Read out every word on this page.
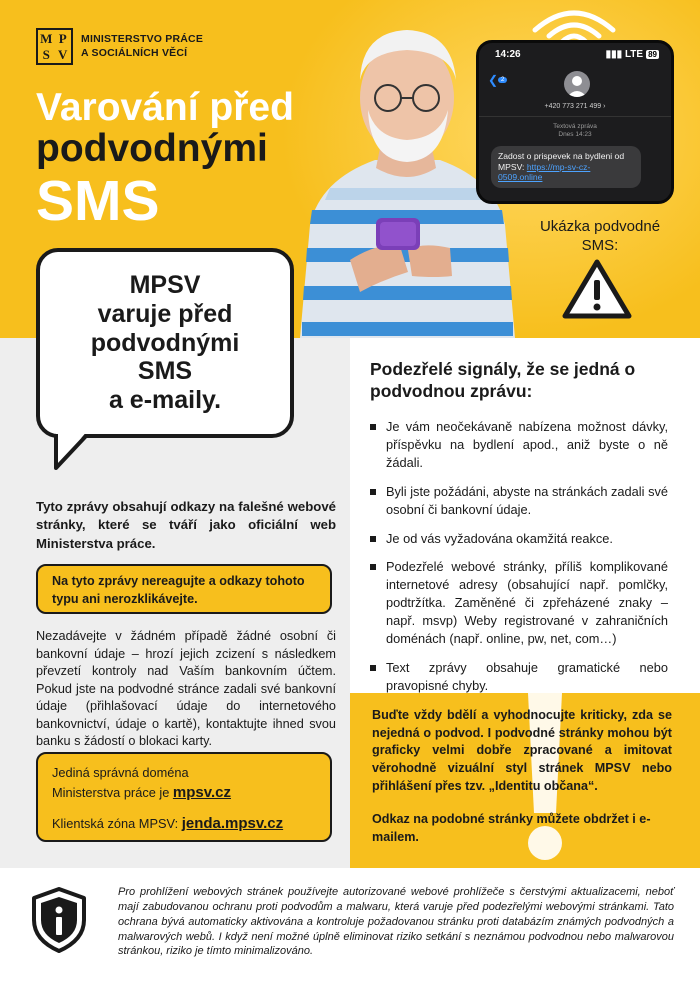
M P
S V
MINISTERSTVO PRÁCE
A SOCIÁLNÍCH VĚCÍ
Varování před
podvodnými
SMS
14:26	▮▮▮ LTE 89
❮ 2
+420 773 271 499 ›
Textová zpráva
Dnes 14:23
Zadost o prispevek na bydleni od MPSV: https://mp-sv-cz-0509.online
Ukázka podvodné SMS:
MPSV
varuje před
podvodnými
SMS
a e-maily.

Tyto zprávy obsahují odkazy na falešné webové stránky, které se tváří jako oficiální web Ministerstva práce.

Na tyto zprávy nereagujte a odkazy tohoto typu ani nerozklikávejte.

Nezadávejte v žádném případě žádné osobní či bankovní údaje – hrozí jejich zcizení s následkem převzetí kontroly nad Vaším bankovním účtem. Pokud jste na podvodné stránce zadali své bankovní údaje (přihlašovací údaje do internetového bankovnictví, údaje o kartě), kontaktujte ihned svou banku s žádostí o blokaci karty.

Jediná správná doména
Ministerstva práce je mpsv.cz
Klientská zóna MPSV: jenda.mpsv.cz
Podezřelé signály, že se jedná o podvodnou zprávu:
Je vám neočekávaně nabízena možnost dávky, příspěvku na bydlení apod., aniž byste o ně žádali.
Byli jste požádáni, abyste na stránkách zadali své osobní či bankovní údaje.
Je od vás vyžadována okamžitá reakce.
Podezřelé webové stránky, příliš komplikované internetové adresy (obsahující např. pomlčky, podtržítka. Zaměněné či zpřeházené znaky – např. msvp) Weby registrované v zahraničních doménách (např. online, pw, net, com…)
Text zprávy obsahuje gramatické nebo pravopisné chyby.

Buďte vždy bdělí a vyhodnocujte kriticky, zda se nejedná o podvod. I podvodné stránky mohou být graficky velmi dobře zpracované a imitovat věrohodně vizuální styl stránek MPSV nebo přihlášení přes tzv. „Identitu občana“.

Odkaz na podobné stránky můžete obdržet i e-mailem.

Pro prohlížení webových stránek používejte autorizované webové prohlížeče s čerstvými aktualizacemi, neboť mají zabudovanou ochranu proti podvodům a malwaru, která varuje před podezřelými webovými stránkami. Tato ochrana bývá automaticky aktivována a kontroluje požadovanou stránku proti databázím známých podvodných a malwarových webů. I když není možné úplně eliminovat riziko setkání s neznámou podvodnou nebo malwarovou stránkou, riziko je tímto minimalizováno.
